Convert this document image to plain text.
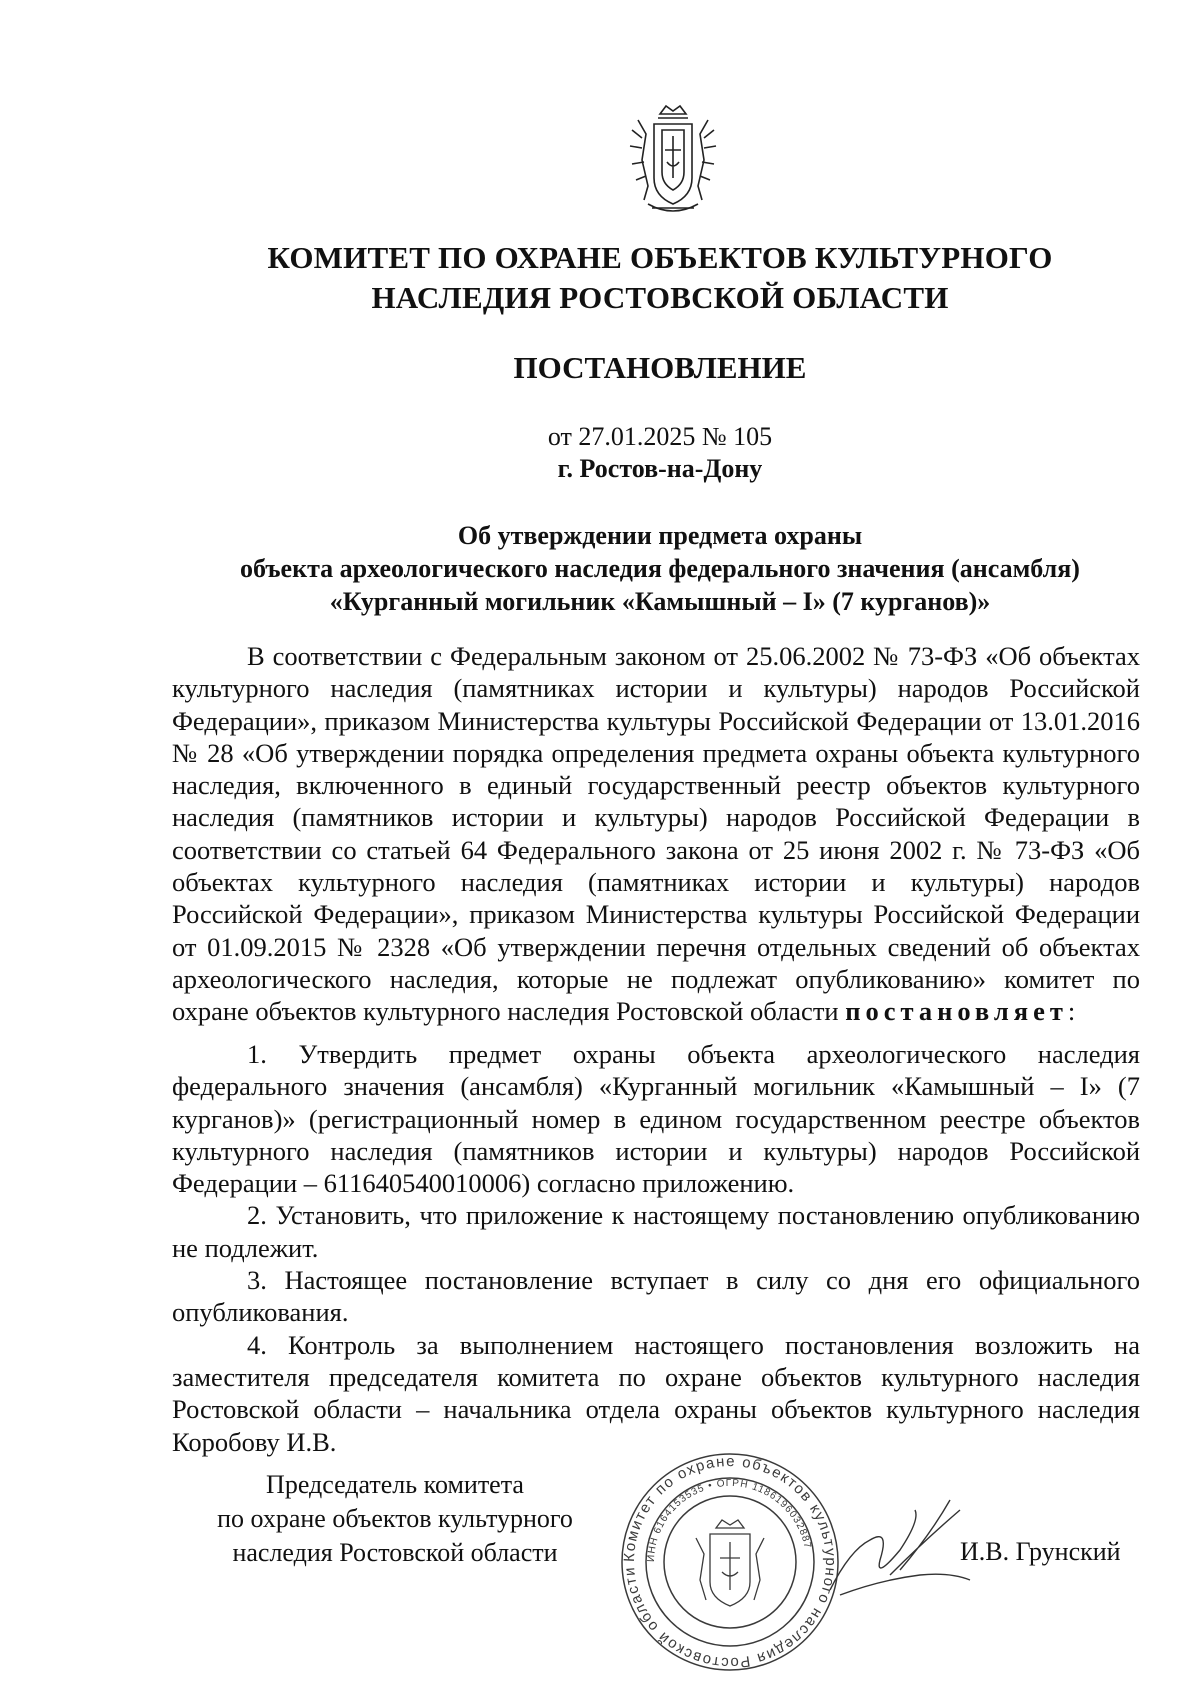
КОМИТЕТ ПО ОХРАНЕ ОБЪЕКТОВ КУЛЬТУРНОГО
НАСЛЕДИЯ РОСТОВСКОЙ ОБЛАСТИ
ПОСТАНОВЛЕНИЕ
от 27.01.2025 № 105
г. Ростов-на-Дону
Об утверждении предмета охраны
объекта археологического наследия федерального значения (ансамбля)
«Курганный могильник «Камышный – I» (7 курганов)»

В соответствии с Федеральным законом от 25.06.2002 № 73-ФЗ «Об объектах культурного наследия (памятниках истории и культуры) народов Российской Федерации», приказом Министерства культуры Российской Федерации от 13.01.2016 № 28 «Об утверждении порядка определения предмета охраны объекта культурного наследия, включенного в единый государственный реестр объектов культурного наследия (памятников истории и культуры) народов Российской Федерации в соответствии со статьей 64 Федерального закона от 25 июня 2002 г. № 73-ФЗ «Об объектах культурного наследия (памятниках истории и культуры) народов Российской Федерации», приказом Министерства культуры Российской Федерации от 01.09.2015 № 2328 «Об утверждении перечня отдельных сведений об объектах археологического наследия, которые не подлежат опубликованию» комитет по охране объектов культурного наследия Ростовской области постановляет:

1. Утвердить предмет охраны объекта археологического наследия федерального значения (ансамбля) «Курганный могильник «Камышный – I» (7 курганов)» (регистрационный номер в едином государственном реестре объектов культурного наследия (памятников истории и культуры) народов Российской Федерации – 611640540010006) согласно приложению.

2. Установить, что приложение к настоящему постановлению опубликованию не подлежит.

3. Настоящее постановление вступает в силу со дня его официального опубликования.

4. Контроль за выполнением настоящего постановления возложить на заместителя председателя комитета по охране объектов культурного наследия Ростовской области – начальника отдела охраны объектов культурного наследия Коробову И.В.

Председатель комитета
по охране объектов культурного
наследия Ростовской области	Комитет по охране объектов культурного наследия Ростовской области
ИНН 6164153535 • ОГРН 1186196032887	И.В. Грунский
